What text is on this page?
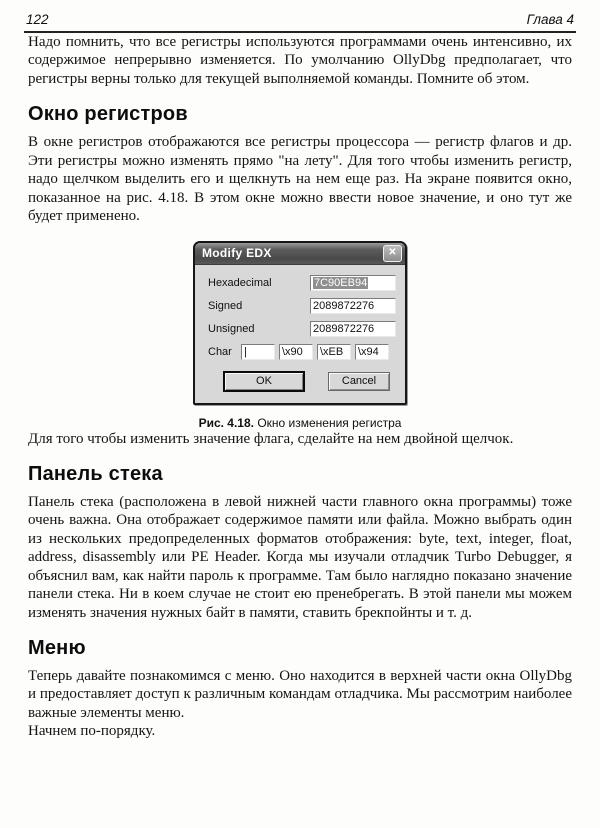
122	Глава 4

Надо помнить, что все регистры используются программами очень интенсивно, их содержимое непрерывно изменяется. По умолчанию OllyDbg предполагает, что регистры верны только для текущей выполняемой команды. Помните об этом.

Окно регистров

В окне регистров отображаются все регистры процессора — регистр флагов и др. Эти регистры можно изменять прямо "на лету". Для того чтобы изменить регистр, надо щелчком выделить его и щелкнуть на нем еще раз. На экране появится окно, показанное на рис. 4.18. В этом окне можно ввести новое значение, и оно тут же будет применено.

Modify EDX	✕
Hexadecimal	7C90EB94
Signed	2089872276
Unsigned	2089872276
Char	|	\x90	\xEB	\x94
OK	Cancel
Рис. 4.18. Окно изменения регистра

Для того чтобы изменить значение флага, сделайте на нем двойной щелчок.

Панель стека

Панель стека (расположена в левой нижней части главного окна программы) тоже очень важна. Она отображает содержимое памяти или файла. Можно выбрать один из нескольких предопределенных форматов отображения: byte, text, integer, float, address, disassembly или PE Header. Когда мы изучали отладчик Turbo Debugger, я объяснил вам, как найти пароль к программе. Там было наглядно показано значение панели стека. Ни в коем случае не стоит ею пренебрегать. В этой панели мы можем изменять значения нужных байт в памяти, ставить брекпойнты и т. д.

Меню

Теперь давайте познакомимся с меню. Оно находится в верхней части окна OllyDbg и предоставляет доступ к различным командам отладчика. Мы рассмотрим наиболее важные элементы меню.

Начнем по-порядку.
